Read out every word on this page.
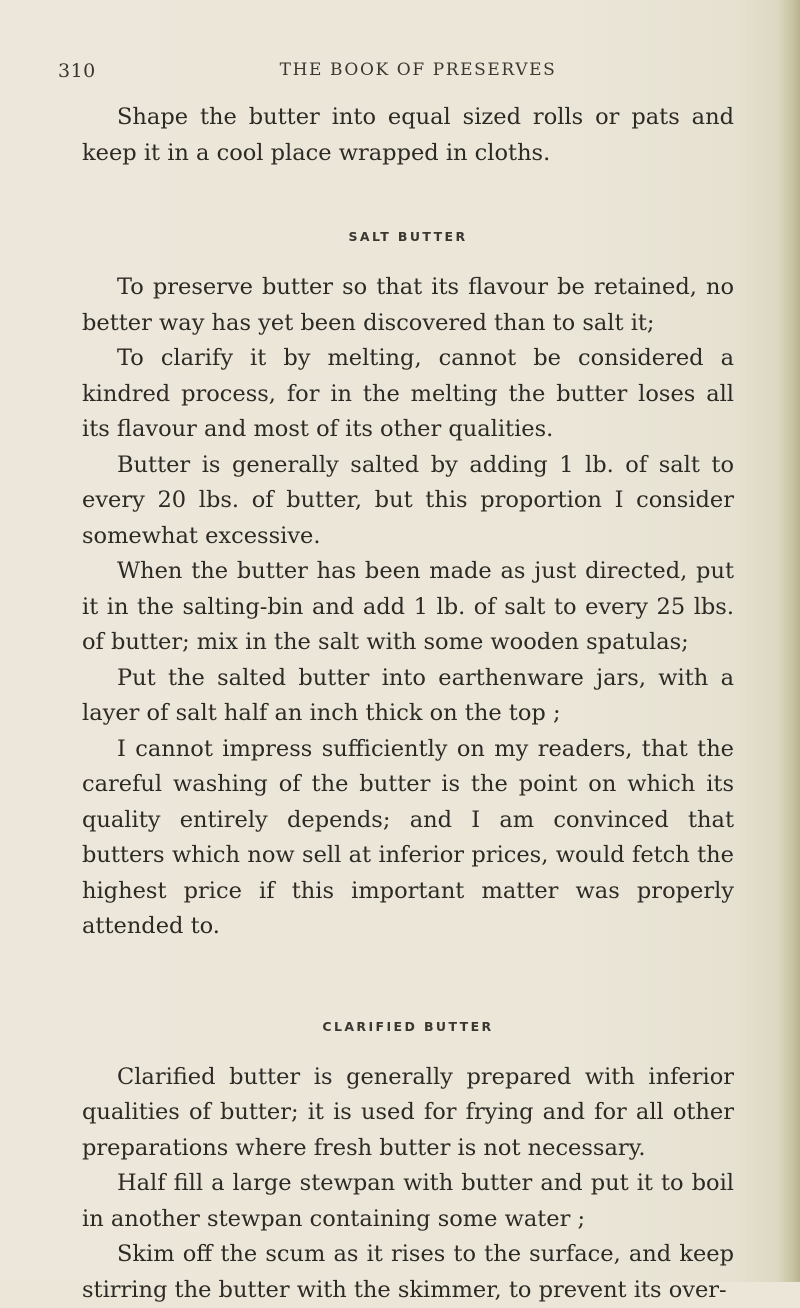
310	THE BOOK OF PRESERVES

Shape the butter into equal sized rolls or pats and keep it in a cool place wrapped in cloths.

SALT BUTTER

To preserve butter so that its flavour be retained, no better way has yet been discovered than to salt it;

To clarify it by melting, cannot be considered a kindred process, for in the melting the butter loses all its flavour and most of its other qualities.

Butter is generally salted by adding 1 lb. of salt to every 20 lbs. of butter, but this proportion I consider somewhat excessive.

When the butter has been made as just directed, put it in the salting-bin and add 1 lb. of salt to every 25 lbs. of butter; mix in the salt with some wooden spatulas;

Put the salted butter into earthenware jars, with a layer of salt half an inch thick on the top ;

I cannot impress sufficiently on my readers, that the careful washing of the butter is the point on which its quality entirely depends; and I am convinced that butters which now sell at inferior prices, would fetch the highest price if this important matter was properly attended to.

CLARIFIED BUTTER

Clarified butter is generally prepared with inferior qualities of butter; it is used for frying and for all other preparations where fresh butter is not necessary.

Half fill a large stewpan with butter and put it to boil in another stewpan containing some water ;

Skim off the scum as it rises to the surface, and keep stirring the butter with the skimmer, to prevent its over-
